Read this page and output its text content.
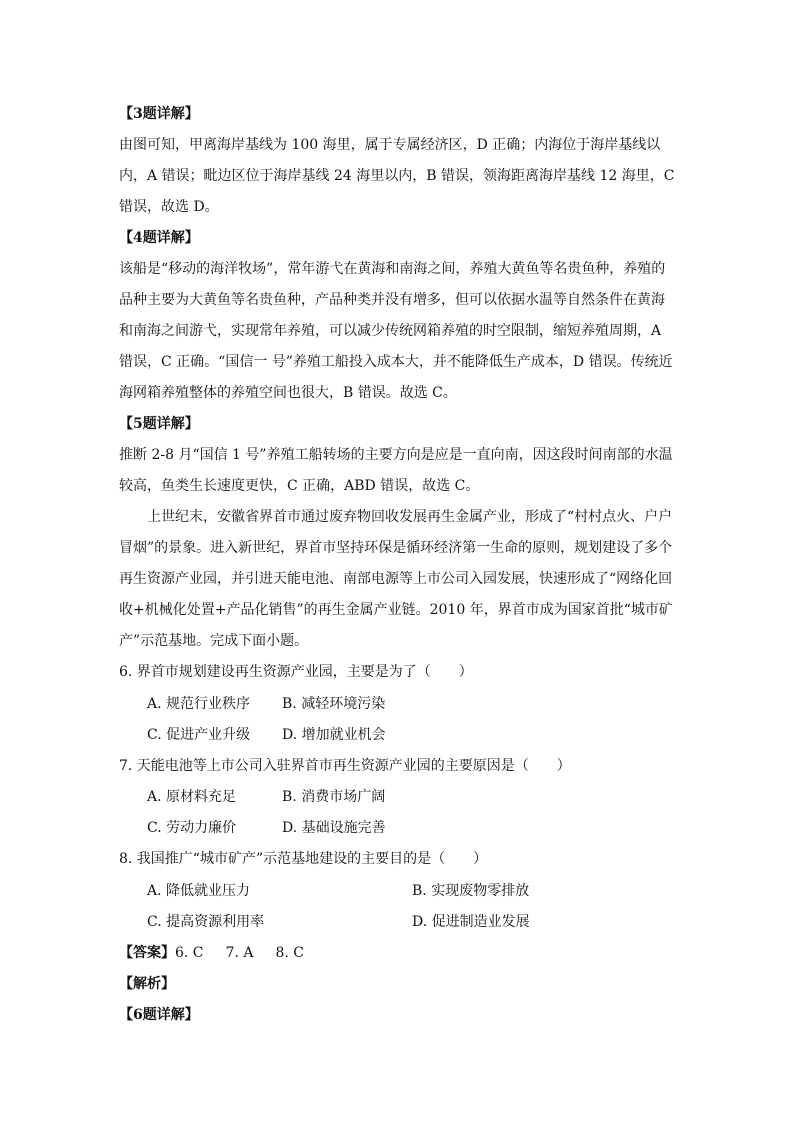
【3题详解】
由图可知，甲离海岸基线为 100 海里，属于专属经济区，D 正确；内海位于海岸基线以
内，A 错误；毗边区位于海岸基线 24 海里以内，B 错误，领海距离海岸基线 12 海里，C
错误，故选 D。
【4题详解】
该船是“移动的海洋牧场”，常年游弋在黄海和南海之间，养殖大黄鱼等名贵鱼种，养殖的
品种主要为大黄鱼等名贵鱼种，产品种类并没有增多，但可以依据水温等自然条件在黄海
和南海之间游弋，实现常年养殖，可以减少传统网箱养殖的时空限制，缩短养殖周期，A
错误，C 正确。“国信一 号”养殖工船投入成本大，并不能降低生产成本，D 错误。传统近
海网箱养殖整体的养殖空间也很大，B 错误。故选 C。
【5题详解】
推断 2-8 月“国信 1 号”养殖工船转场的主要方向是应是一直向南，因这段时间南部的水温
较高，鱼类生长速度更快，C 正确，ABD 错误，故选 C。
上世纪末，安徽省界首市通过废弃物回收发展再生金属产业，形成了“村村点火、户户
冒烟”的景象。进入新世纪，界首市坚持环保是循环经济第一生命的原则，规划建设了多个
再生资源产业园，并引进天能电池、南部电源等上市公司入园发展，快速形成了“网络化回
收+机械化处置+产品化销售”的再生金属产业链。2010 年，界首市成为国家首批“城市矿
产”示范基地。完成下面小题。
6. 界首市规划建设再生资源产业园，主要是为了（　　）
A. 规范行业秩序 B. 减轻环境污染
C. 促进产业升级 D. 增加就业机会
7. 天能电池等上市公司入驻界首市再生资源产业园的主要原因是（　　）
A. 原材料充足	B. 消费市场广阔
C. 劳动力廉价	D. 基础设施完善
8. 我国推广“城市矿产”示范基地建设的主要目的是（　　）
A. 降低就业压力	B. 实现废物零排放
C. 提高资源利用率	D. 促进制造业发展
【答案】6. C 7. A 8. C
【解析】
【6题详解】
